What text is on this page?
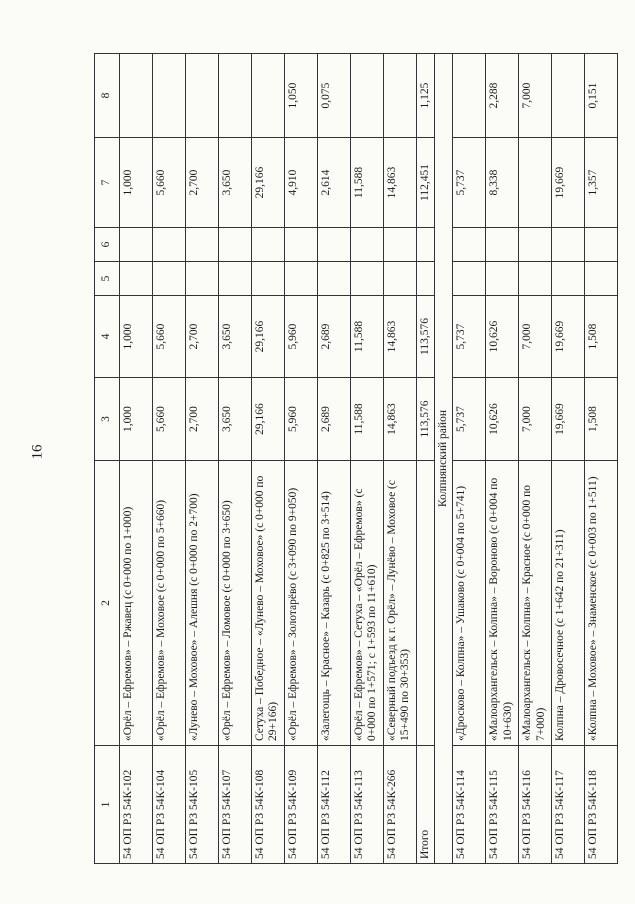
16
1	2	3	4	5	6	7	8
54 ОП РЗ 54К-102	«Орёл – Ефремов» – Ржавец (с 0+000 по 1+000)	1,000	1,000			1,000	
54 ОП РЗ 54К-104	«Орёл – Ефремов» – Моховое (с 0+000 по 5+660)	5,660	5,660			5,660	
54 ОП РЗ 54К-105	«Лунево – Моховое» – Алешня (с 0+000 по 2+700)	2,700	2,700			2,700	
54 ОП РЗ 54К-107	«Орёл – Ефремов» – Ломовое (с 0+000 по 3+650)	3,650	3,650			3,650	
54 ОП РЗ 54К-108	Сетуха – Победное – «Лунево – Моховое» (с 0+000 по 29+166)	29,166	29,166			29,166	
54 ОП РЗ 54К-109	«Орёл – Ефремов» – Золотарёво (с 3+090 по 9+050)	5,960	5,960			4,910	1,050
54 ОП РЗ 54К-112	«Залегощь – Красное» – Казарь (с 0+825 по 3+514)	2,689	2,689			2,614	0,075
54 ОП РЗ 54К-113	«Орёл – Ефремов» – Сетуха – «Орёл – Ефремов» (с 0+000 по 1+571; с 1+593 по 11+610)	11,588	11,588			11,588	
54 ОП РЗ 54К-266	«Северный подъезд к г. Орёл» – Лунёво – Моховое (с 15+490 по 30+353)	14,863	14,863			14,863	
Итого		113,576	113,576			112,451	1,125
Колпнянский район							
54 ОП РЗ 54К-114	«Дросково – Колпна» – Ушаково (с 0+004 по 5+741)	5,737	5,737			5,737	
54 ОП РЗ 54К-115	«Малоархангельск – Колпна» – Вороново (с 0+004 по 10+630)	10,626	10,626			8,338	2,288
54 ОП РЗ 54К-116	«Малоархангельск – Колпна» – Красное (с 0+000 по 7+000)	7,000	7,000				7,000
54 ОП РЗ 54К-117	Колпна – Дровосечное (с 1+642 по 21+311)	19,669	19,669			19,669	
54 ОП РЗ 54К-118	«Колпна – Моховое» – Знаменское (с 0+003 по 1+511)	1,508	1,508			1,357	0,151
